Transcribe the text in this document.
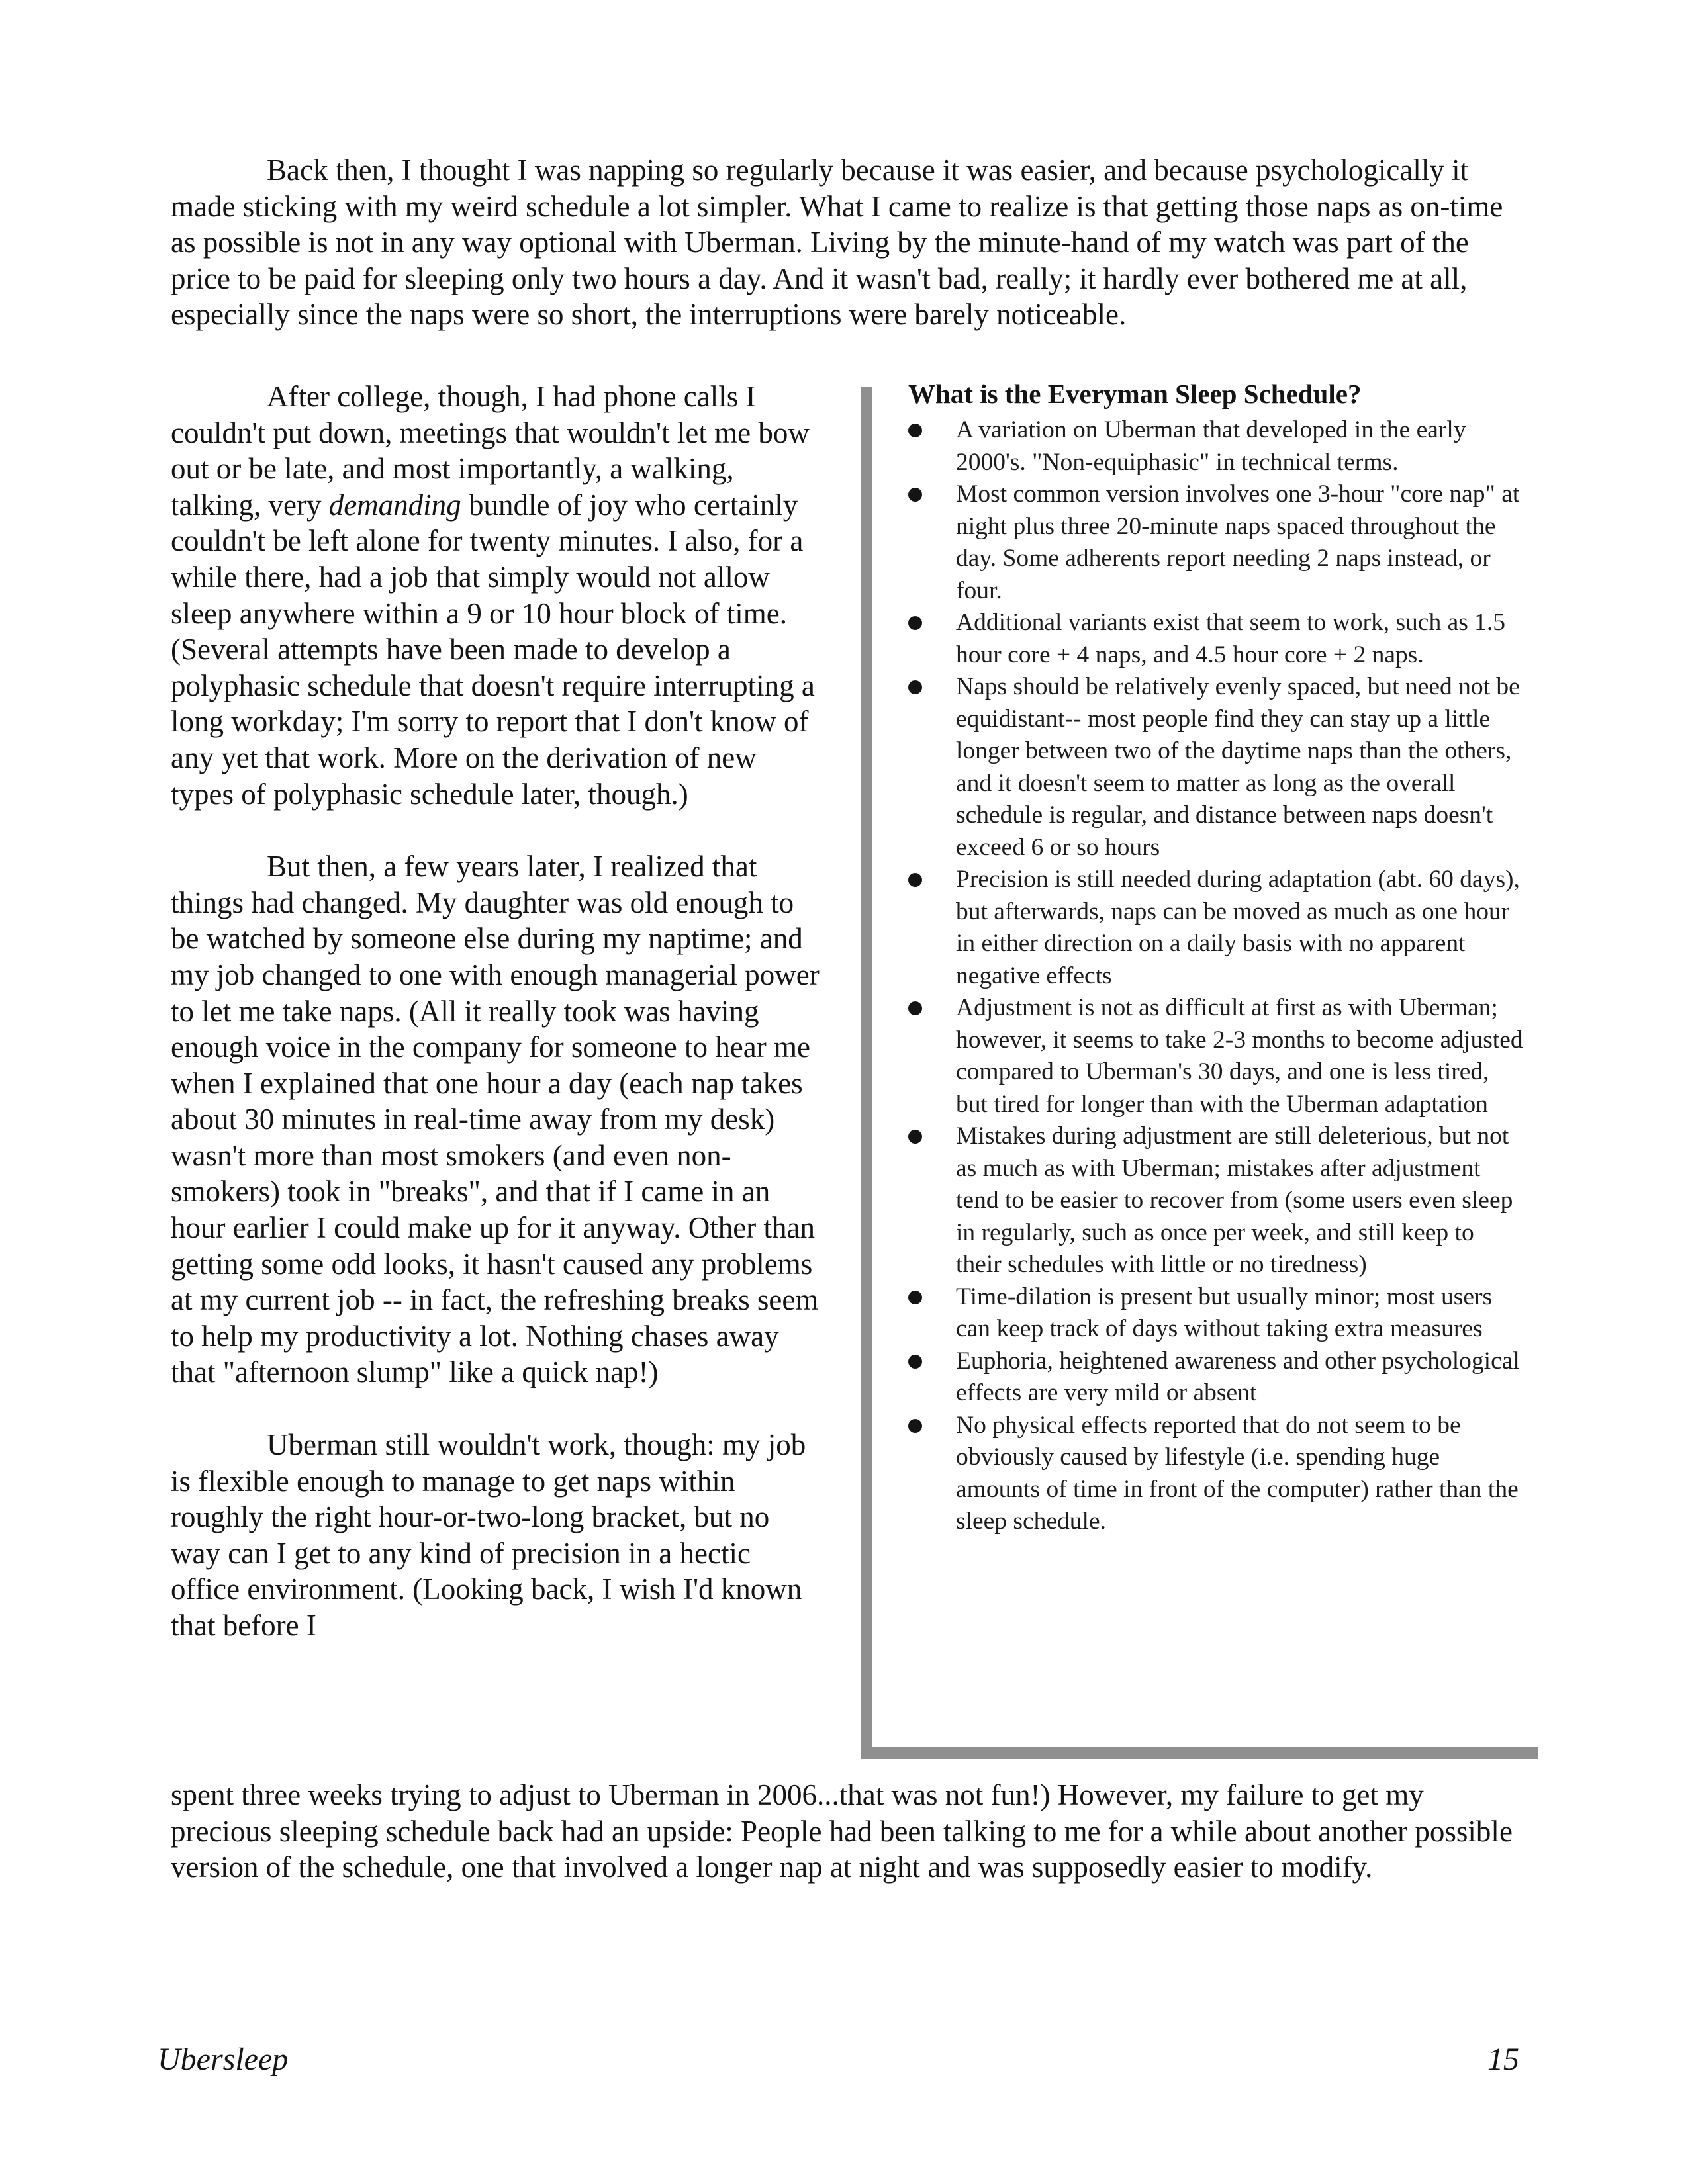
Back then, I thought I was napping so regularly because it was easier, and because psychologically it made sticking with my weird schedule a lot simpler. What I came to realize is that getting those naps as on-time as possible is not in any way optional with Uberman. Living by the minute-hand of my watch was part of the price to be paid for sleeping only two hours a day. And it wasn't bad, really; it hardly ever bothered me at all, especially since the naps were so short, the interruptions were barely noticeable.

After college, though, I had phone calls I couldn't put down, meetings that wouldn't let me bow out or be late, and most importantly, a walking, talking, very demanding bundle of joy who certainly couldn't be left alone for twenty minutes. I also, for a while there, had a job that simply would not allow sleep anywhere within a 9 or 10 hour block of time. (Several attempts have been made to develop a polyphasic schedule that doesn't require interrupting a long workday; I'm sorry to report that I don't know of any yet that work. More on the derivation of new types of polyphasic schedule later, though.)

But then, a few years later, I realized that things had changed. My daughter was old enough to be watched by someone else during my naptime; and my job changed to one with enough managerial power to let me take naps. (All it really took was having enough voice in the company for someone to hear me when I explained that one hour a day (each nap takes about 30 minutes in real-time away from my desk) wasn't more than most smokers (and even non-smokers) took in "breaks", and that if I came in an hour earlier I could make up for it anyway. Other than getting some odd looks, it hasn't caused any problems at my current job -- in fact, the refreshing breaks seem to help my productivity a lot. Nothing chases away that "afternoon slump" like a quick nap!)

Uberman still wouldn't work, though: my job is flexible enough to manage to get naps within roughly the right hour-or-two-long bracket, but no way can I get to any kind of precision in a hectic office environment. (Looking back, I wish I'd known that before I

What is the Everyman Sleep Schedule?
A variation on Uberman that developed in the early 2000's. "Non-equiphasic" in technical terms.
Most common version involves one 3-hour "core nap" at night plus three 20-minute naps spaced throughout the day. Some adherents report needing 2 naps instead, or four.
Additional variants exist that seem to work, such as 1.5 hour core + 4 naps, and 4.5 hour core + 2 naps.
Naps should be relatively evenly spaced, but need not be equidistant-- most people find they can stay up a little longer between two of the daytime naps than the others, and it doesn't seem to matter as long as the overall schedule is regular, and distance between naps doesn't exceed 6 or so hours
Precision is still needed during adaptation (abt. 60 days), but afterwards, naps can be moved as much as one hour in either direction on a daily basis with no apparent negative effects
Adjustment is not as difficult at first as with Uberman; however, it seems to take 2-3 months to become adjusted compared to Uberman's 30 days, and one is less tired, but tired for longer than with the Uberman adaptation
Mistakes during adjustment are still deleterious, but not as much as with Uberman; mistakes after adjustment tend to be easier to recover from (some users even sleep in regularly, such as once per week, and still keep to their schedules with little or no tiredness)
Time-dilation is present but usually minor; most users can keep track of days without taking extra measures
Euphoria, heightened awareness and other psychological effects are very mild or absent
No physical effects reported that do not seem to be obviously caused by lifestyle (i.e. spending huge amounts of time in front of the computer) rather than the sleep schedule.

spent three weeks trying to adjust to Uberman in 2006...that was not fun!) However, my failure to get my precious sleeping schedule back had an upside: People had been talking to me for a while about another possible version of the schedule, one that involved a longer nap at night and was supposedly easier to modify.

Ubersleep	15
